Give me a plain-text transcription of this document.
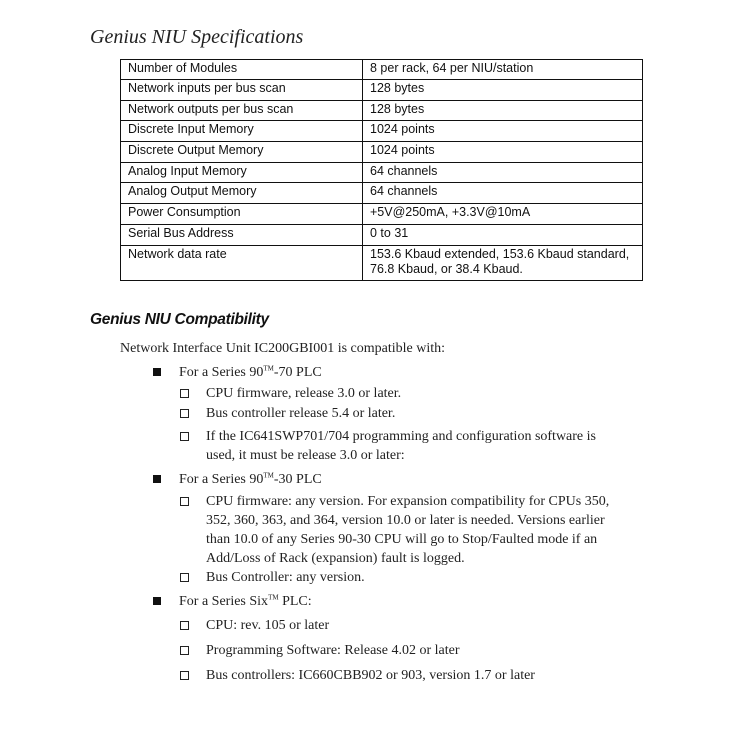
Genius NIU Specifications
Number of Modules	8 per rack, 64 per NIU/station
Network inputs per bus scan	128 bytes
Network outputs per bus scan	128 bytes
Discrete Input Memory	1024 points
Discrete Output Memory	1024 points
Analog Input Memory	64 channels
Analog Output Memory	64 channels
Power Consumption	+5V@250mA, +3.3V@10mA
Serial Bus Address	0 to 31
Network data rate	153.6 Kbaud extended, 153.6 Kbaud standard, 76.8 Kbaud, or 38.4 Kbaud.
Genius NIU Compatibility
Network Interface Unit IC200GBI001 is compatible with:
For a Series 90™-70 PLC
CPU firmware, release 3.0 or later.
Bus controller release 5.4 or later.
If the IC641SWP701/704 programming and configuration software is used, it must be release 3.0 or later:
For a Series 90™-30 PLC
CPU firmware: any version. For expansion compatibility for CPUs 350, 352, 360, 363, and 364, version 10.0 or later is needed. Versions earlier than 10.0 of any Series 90-30 CPU will go to Stop/Faulted mode if an Add/Loss of Rack (expansion) fault is logged.
Bus Controller: any version.
For a Series Six™ PLC:
CPU: rev. 105 or later
Programming Software: Release 4.02 or later
Bus controllers: IC660CBB902 or 903, version 1.7 or later
